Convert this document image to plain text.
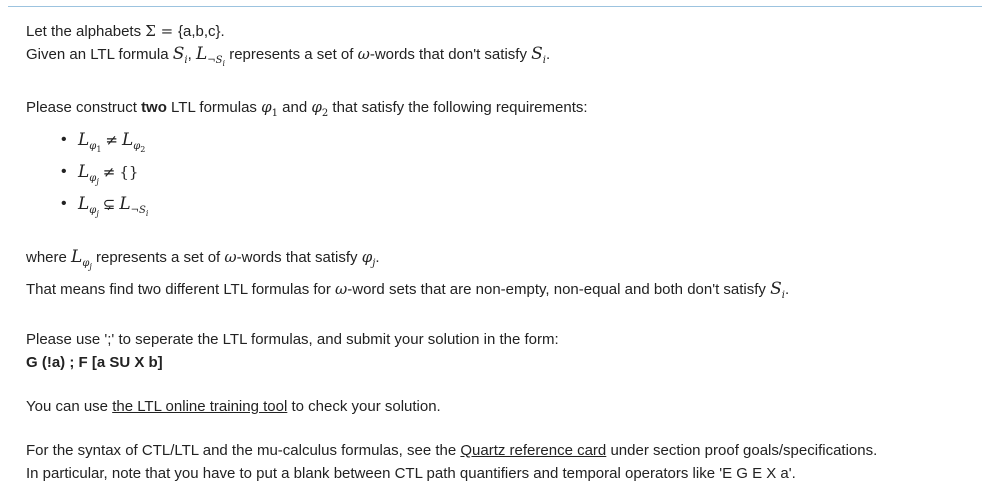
Let the alphabets Σ = {a,b,c}.
Given an LTL formula $S_i$, $L_{\neg S_i}$ represents a set of ω-words that don't satisfy $S_i$.
Please construct two LTL formulas $\varphi_1$ and $\varphi_2$ that satisfy the following requirements:
• $L_{\varphi_1}\ne L_{\varphi_2}$
• $L_{\varphi_j}\ne$ {}
• $L_{\varphi_j}⊊$ $L_{\neg S_i}$
where $L_{\varphi_j}$ represents a set of ω-words that satisfy $\varphi_j$.
That means find two different LTL formulas for ω-word sets that are non-empty, non-equal and both don't satisfy $S_i$.
Please use ';' to seperate the LTL formulas, and submit your solution in the form:
G (!a) ; F [a SU X b]
You can use the LTL online training tool to check your solution.
For the syntax of CTL/LTL and the mu-calculus formulas, see the Quartz reference card under section proof goals/specifications.
In particular, note that you have to put a blank between CTL path quantifiers and temporal operators like 'E G E X a'.
